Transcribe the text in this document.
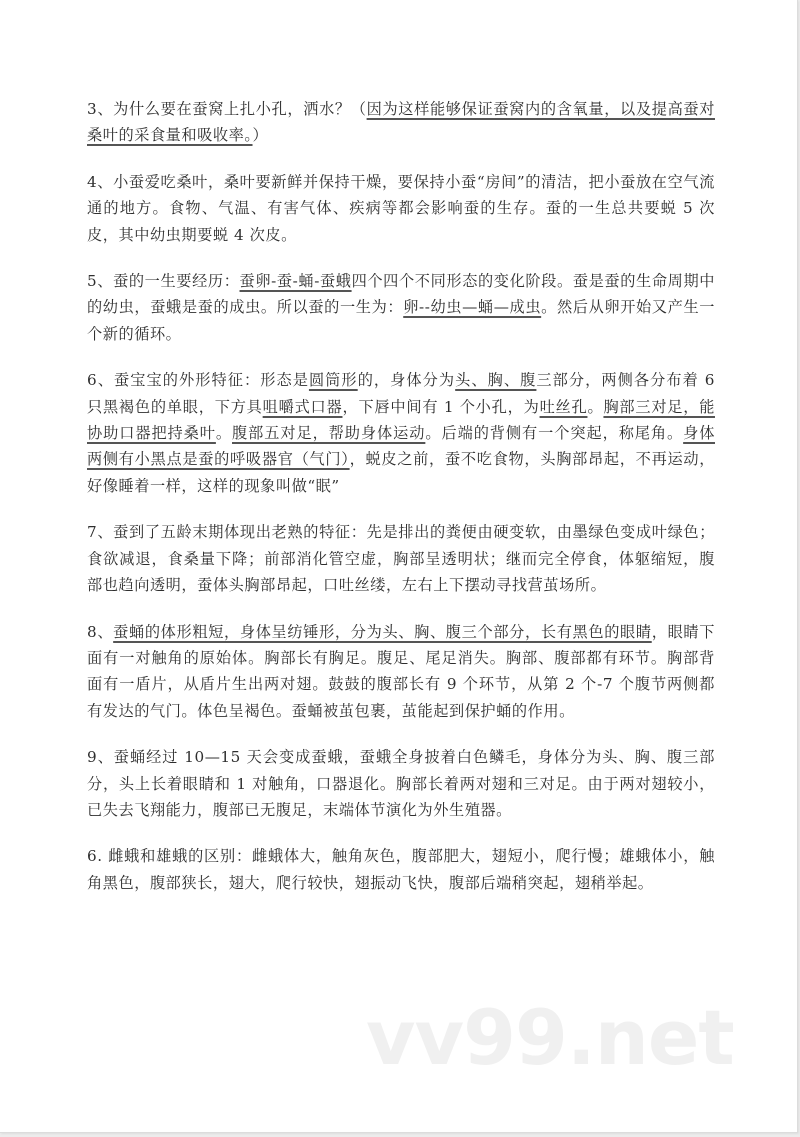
3、为什么要在蚕窝上扎小孔，洒水？（因为这样能够保证蚕窝内的含氧量，以及提高蚕对桑叶的采食量和吸收率。）

4、小蚕爱吃桑叶，桑叶要新鲜并保持干燥，要保持小蚕“房间”的清洁，把小蚕放在空气流通的地方。食物、气温、有害气体、疾病等都会影响蚕的生存。蚕的一生总共要蜕 5 次皮，其中幼虫期要蜕 4 次皮。

5、蚕的一生要经历：蚕卵-蚕-蛹-蚕蛾四个四个不同形态的变化阶段。蚕是蚕的生命周期中的幼虫，蚕蛾是蚕的成虫。所以蚕的一生为：卵--幼虫—蛹—成虫。然后从卵开始又产生一个新的循环。

6、蚕宝宝的外形特征：形态是圆筒形的，身体分为头、胸、腹三部分，两侧各分布着 6 只黑褐色的单眼，下方具咀嚼式口器，下唇中间有 1 个小孔，为吐丝孔。胸部三对足，能协助口器把持桑叶。腹部五对足，帮助身体运动。后端的背侧有一个突起，称尾角。身体两侧有小黑点是蚕的呼吸器官（气门），蜕皮之前，蚕不吃食物，头胸部昂起，不再运动，好像睡着一样，这样的现象叫做“眠”

7、蚕到了五龄末期体现出老熟的特征：先是排出的粪便由硬变软，由墨绿色变成叶绿色；食欲减退，食桑量下降；前部消化管空虚，胸部呈透明状；继而完全停食，体躯缩短，腹部也趋向透明，蚕体头胸部昂起，口吐丝缕，左右上下摆动寻找营茧场所。

8、蚕蛹的体形粗短，身体呈纺锤形，分为头、胸、腹三个部分，长有黑色的眼睛，眼睛下面有一对触角的原始体。胸部长有胸足。腹足、尾足消失。胸部、腹部都有环节。胸部背面有一盾片，从盾片生出两对翅。鼓鼓的腹部长有 9 个环节，从第 2 个-7 个腹节两侧都有发达的气门。体色呈褐色。蚕蛹被茧包裹，茧能起到保护蛹的作用。

9、蚕蛹经过 10—15 天会变成蚕蛾，蚕蛾全身披着白色鳞毛，身体分为头、胸、腹三部分，头上长着眼睛和 1 对触角，口器退化。胸部长着两对翅和三对足。由于两对翅较小，已失去飞翔能力，腹部已无腹足，末端体节演化为外生殖器。

6. 雌蛾和雄蛾的区别：雌蛾体大，触角灰色，腹部肥大，翅短小，爬行慢；雄蛾体小，触角黑色，腹部狭长，翅大，爬行较快，翅振动飞快，腹部后端稍突起，翅稍举起。

vv99.net
